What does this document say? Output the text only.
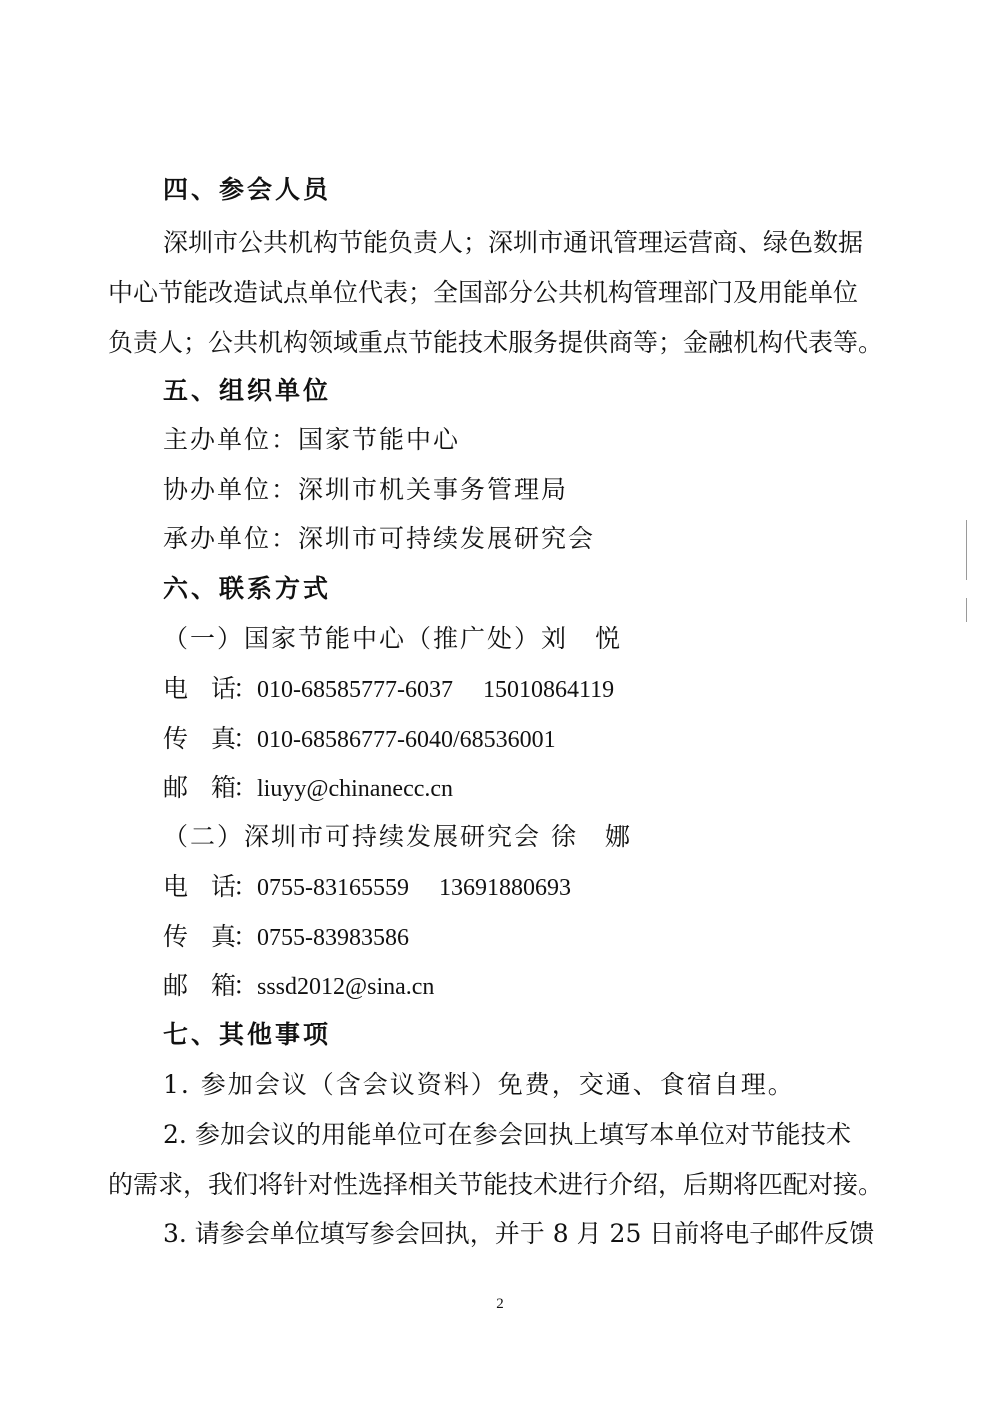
四、参会人员
深圳市公共机构节能负责人；深圳市通讯管理运营商、绿色数据
中心节能改造试点单位代表；全国部分公共机构管理部门及用能单位
负责人；公共机构领域重点节能技术服务提供商等；金融机构代表等。
五、组织单位
主办单位：国家节能中心
协办单位：深圳市机关事务管理局
承办单位：深圳市可持续发展研究会
六、联系方式
（一）国家节能中心（推广处）刘　悦
电 话：010-68585777-6037 15010864119
传 真：010-68586777-6040/68536001
邮 箱：liuyy@chinanecc.cn
（二）深圳市可持续发展研究会 徐　娜
电 话：0755-83165559 13691880693
传 真：0755-83983586
邮 箱：sssd2012@sina.cn
七、其他事项
1. 参加会议（含会议资料）免费，交通、食宿自理。
2. 参加会议的用能单位可在参会回执上填写本单位对节能技术
的需求，我们将针对性选择相关节能技术进行介绍，后期将匹配对接。
3. 请参会单位填写参会回执，并于 8 月 25 日前将电子邮件反馈
2
